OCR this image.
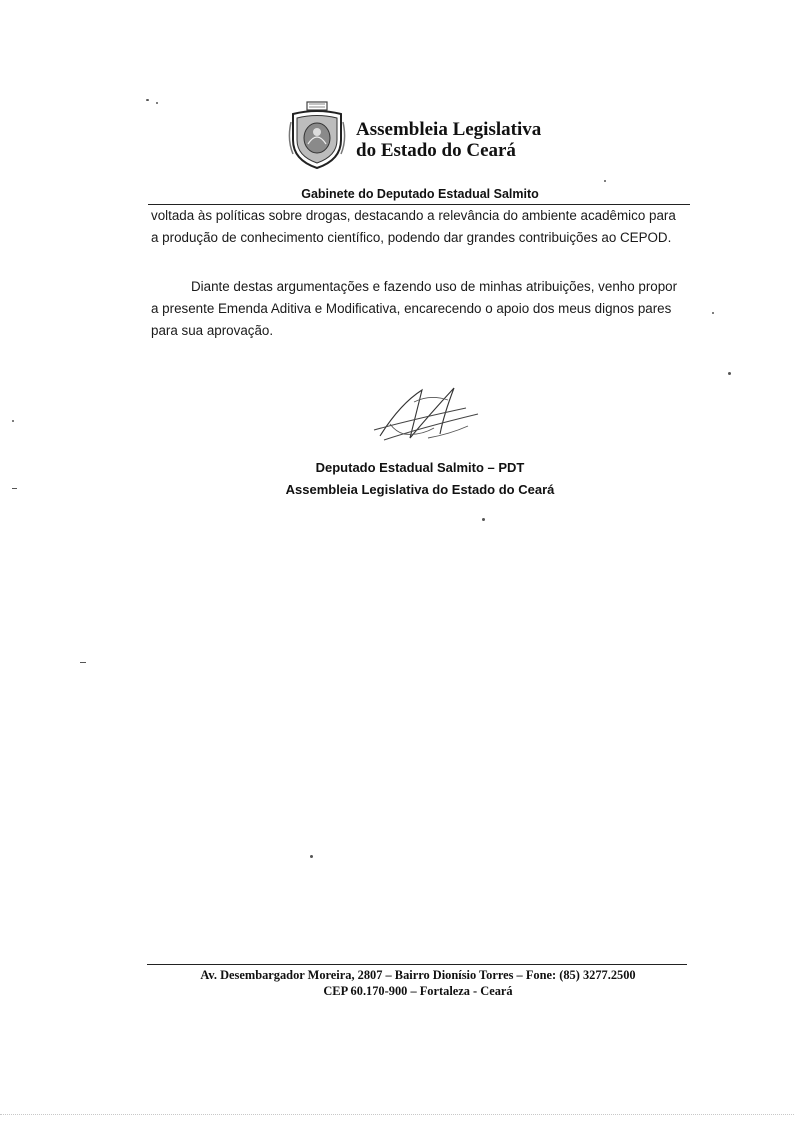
Assembleia Legislativa
do Estado do Ceará
Gabinete do Deputado Estadual Salmito

voltada às políticas sobre drogas, destacando a relevância do ambiente acadêmico para

a produção de conhecimento científico, podendo dar grandes contribuições ao CEPOD.

Diante destas argumentações e fazendo uso de minhas atribuições, venho propor

a presente Emenda Aditiva e Modificativa, encarecendo o apoio dos meus dignos pares

para sua aprovação.

Deputado Estadual Salmito – PDT
Assembleia Legislativa do Estado do Ceará
Av. Desembargador Moreira, 2807 – Bairro Dionísio Torres – Fone: (85) 3277.2500
CEP 60.170-900 – Fortaleza - Ceará
